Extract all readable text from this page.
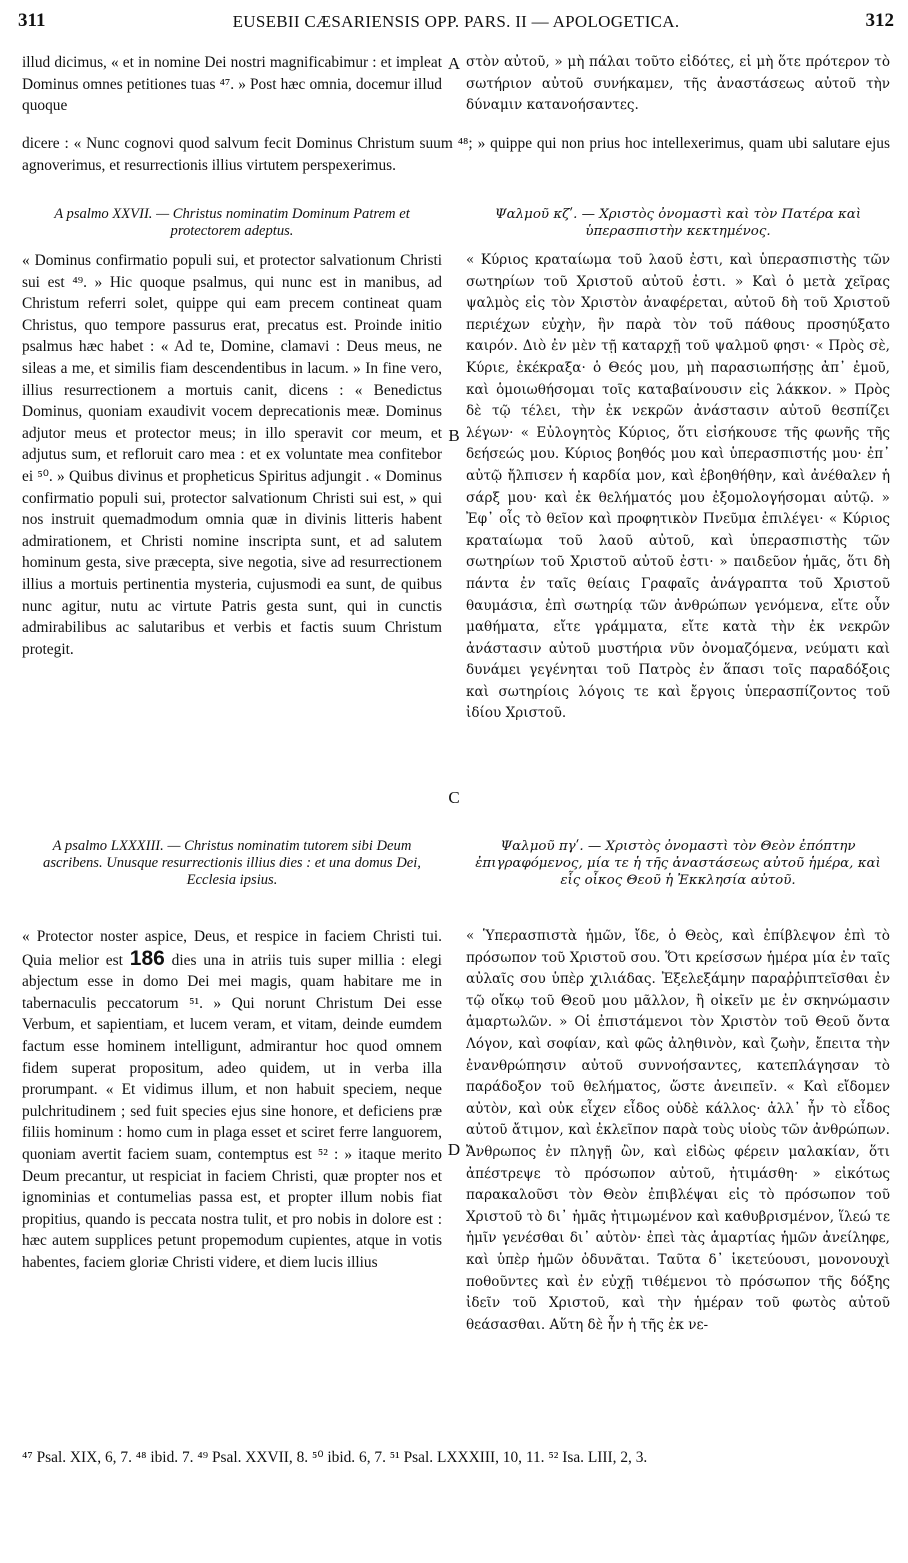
311	EUSEBII CÆSARIENSIS OPP. PARS. II — APOLOGETICA.	312

illud dicimus, « et in nomine Dei nostri magnificabimur : et impleat Dominus omnes petitiones tuas ⁴⁷. » Post hæc omnia, docemur illud quoque

στὸν αὐτοῦ, » μὴ πάλαι τοῦτο εἰδότες, εἰ μὴ ὅτε πρότερον τὸ σωτήριον αὐτοῦ συνήκαμεν, τῆς ἀναστάσεως αὐτοῦ τὴν δύναμιν κατανοήσαντες.

A

dicere : « Nunc cognovi quod salvum fecit Dominus Christum suum ⁴⁸; » quippe qui non prius hoc intellexerimus, quam ubi salutare ejus agnoverimus, et resurrectionis illius virtutem perspexerimus.

A psalmo XXVII. — Christus nominatim Dominum Patrem et protectorem adeptus.
Ψαλμοῦ κζʹ. — Χριστὸς ὀνομαστὶ καὶ τὸν Πατέρα καὶ ὑπερασπιστὴν κεκτημένος.

« Dominus confirmatio populi sui, et protector salvationum Christi sui est ⁴⁹. » Hic quoque psalmus, qui nunc est in manibus, ad Christum referri solet, quippe qui eam precem contineat quam Christus, quo tempore passurus erat, precatus est. Proinde initio psalmus hæc habet : « Ad te, Domine, clamavi : Deus meus, ne sileas a me, et similis fiam descendentibus in lacum. » In fine vero, illius resurrectionem a mortuis canit, dicens : « Benedictus Dominus, quoniam exaudivit vocem deprecationis meæ. Dominus adjutor meus et protector meus; in illo speravit cor meum, et adjutus sum, et refloruit caro mea : et ex voluntate mea confitebor ei ⁵⁰. » Quibus divinus et propheticus Spiritus adjungit . « Dominus confirmatio populi sui, protector salvationum Christi sui est, » qui nos instruit quemadmodum omnia quæ in divinis litteris habent admirationem, et Christi nomine inscripta sunt, et ad salutem hominum gesta, sive præcepta, sive negotia, sive ad resurrectionem illius a mortuis pertinentia mysteria, cujusmodi ea sunt, de quibus nunc agitur, nutu ac virtute Patris gesta sunt, qui in cunctis admirabilibus ac salutaribus et verbis et factis suum Christum protegit.

« Κύριος κραταίωμα τοῦ λαοῦ ἐστι, καὶ ὑπερασπιστὴς τῶν σωτηρίων τοῦ Χριστοῦ αὐτοῦ ἐστι. » Καὶ ὁ μετὰ χεῖρας ψαλμὸς εἰς τὸν Χριστὸν ἀναφέρεται, αὐτοῦ δὴ τοῦ Χριστοῦ περιέχων εὐχὴν, ἣν παρὰ τὸν τοῦ πάθους προσηύξατο καιρόν. Διὸ ἐν μὲν τῇ καταρχῇ τοῦ ψαλμοῦ φησι· « Πρὸς σὲ, Κύριε, ἐκέκραξα· ὁ Θεός μου, μὴ παρασιωπήσῃς ἀπ᾽ ἐμοῦ, καὶ ὁμοιωθήσομαι τοῖς καταβαίνουσιν εἰς λάκκον. » Πρὸς δὲ τῷ τέλει, τὴν ἐκ νεκρῶν ἀνάστασιν αὐτοῦ θεσπίζει λέγων· « Εὐλογητὸς Κύριος, ὅτι εἰσήκουσε τῆς φωνῆς τῆς δεήσεώς μου. Κύριος βοηθός μου καὶ ὑπερασπιστής μου· ἐπ᾽ αὐτῷ ἤλπισεν ἡ καρδία μον, καὶ ἐβοηθήθην, καὶ ἀνέθαλεν ἡ σάρξ μου· καὶ ἐκ θελήματός μου ἐξομολογήσομαι αὐτῷ. » Ἐφ᾽ οἷς τὸ θεῖον καὶ προφητικὸν Πνεῦμα ἐπιλέγει· « Κύριος κραταίωμα τοῦ λαοῦ αὐτοῦ, καὶ ὑπερασπιστὴς τῶν σωτηρίων τοῦ Χριστοῦ αὐτοῦ ἐστι· » παιδεῦον ἡμᾶς, ὅτι δὴ πάντα ἐν ταῖς θείαις Γραφαῖς ἀνάγραπτα τοῦ Χριστοῦ θαυμάσια, ἐπὶ σωτηρίᾳ τῶν ἀνθρώπων γενόμενα, εἴτε οὖν μαθήματα, εἴτε γράμματα, εἴτε κατὰ τὴν ἐκ νεκρῶν ἀνάστασιν αὐτοῦ μυστήρια νῦν ὀνομαζόμενα, νεύματι καὶ δυνάμει γεγένηται τοῦ Πατρὸς ἐν ἅπασι τοῖς παραδόξοις καὶ σωτηρίοις λόγοις τε καὶ ἔργοις ὑπερασπίζοντος τοῦ ἰδίου Χριστοῦ.

B
C
A psalmo LXXXIII. — Christus nominatim tutorem sibi Deum ascribens. Unusque resurrectionis illius dies : et una domus Dei, Ecclesia ipsius.
Ψαλμοῦ πγʹ. — Χριστὸς ὀνομαστὶ τὸν Θεὸν ἐπόπτην ἐπιγραφόμενος, μία τε ἡ τῆς ἀναστάσεως αὐτοῦ ἡμέρα, καὶ εἷς οἶκος Θεοῦ ἡ Ἐκκλησία αὐτοῦ.

« Protector noster aspice, Deus, et respice in faciem Christi tui. Quia melior est 186 dies una in atriis tuis super millia : elegi abjectum esse in domo Dei mei magis, quam habitare me in tabernaculis peccatorum ⁵¹. » Qui norunt Christum Dei esse Verbum, et sapientiam, et lucem veram, et vitam, deinde eumdem factum esse hominem intelligunt, admirantur hoc quod omnem fidem superat propositum, adeo quidem, ut in verba illa prorumpant. « Et vidimus illum, et non habuit speciem, neque pulchritudinem ; sed fuit species ejus sine honore, et deficiens præ filiis hominum : homo cum in plaga esset et sciret ferre languorem, quoniam avertit faciem suam, contemptus est ⁵² : » itaque merito Deum precantur, ut respiciat in faciem Christi, quæ propter nos et ignominias et contumelias passa est, et propter illum nobis fiat propitius, quando is peccata nostra tulit, et pro nobis in dolore est : hæc autem supplices petunt propemodum cupientes, atque in votis habentes, faciem gloriæ Christi videre, et diem lucis illius

« Ὑπερασπιστὰ ἡμῶν, ἴδε, ὁ Θεὸς, καὶ ἐπίβλεψον ἐπὶ τὸ πρόσωπον τοῦ Χριστοῦ σου. Ὅτι κρείσσων ἡμέρα μία ἐν ταῖς αὐλαῖς σου ὑπὲρ χιλιάδας. Ἐξελεξάμην παραῤῥιπτεῖσθαι ἐν τῷ οἴκῳ τοῦ Θεοῦ μου μᾶλλον, ἢ οἰκεῖν με ἐν σκηνώμασιν ἁμαρτωλῶν. » Οἱ ἐπιστάμενοι τὸν Χριστὸν τοῦ Θεοῦ ὄντα Λόγον, καὶ σοφίαν, καὶ φῶς ἀληθινὸν, καὶ ζωὴν, ἔπειτα τὴν ἐνανθρώπησιν αὐτοῦ συννοήσαντες, κατεπλάγησαν τὸ παράδοξον τοῦ θελήματος, ὥστε ἀνειπεῖν. « Καὶ εἴδομεν αὐτὸν, καὶ οὐκ εἶχεν εἶδος οὐδὲ κάλλος· ἀλλ᾽ ἦν τὸ εἶδος αὐτοῦ ἄτιμον, καὶ ἐκλεῖπον παρὰ τοὺς υἱοὺς τῶν ἀνθρώπων. Ἄνθρωπος ἐν πληγῇ ὢν, καὶ εἰδὼς φέρειν μαλακίαν, ὅτι ἀπέστρεψε τὸ πρόσωπον αὐτοῦ, ἠτιμάσθη· » εἰκότως παρακαλοῦσι τὸν Θεὸν ἐπιβλέψαι εἰς τὸ πρόσωπον τοῦ Χριστοῦ τὸ δι᾽ ἡμᾶς ἠτιμωμένον καὶ καθυβρισμένον, ἵλεώ τε ἡμῖν γενέσθαι δι᾽ αὐτὸν· ἐπεὶ τὰς ἁμαρτίας ἡμῶν ἀνείληφε, καὶ ὑπὲρ ἡμῶν ὀδυνᾶται. Ταῦτα δ᾽ ἱκετεύουσι, μονονουχὶ ποθοῦντες καὶ ἐν εὐχῇ τιθέμενοι τὸ πρόσωπον τῆς δόξης ἰδεῖν τοῦ Χριστοῦ, καὶ τὴν ἡμέραν τοῦ φωτὸς αὐτοῦ θεάσασθαι. Αὕτη δὲ ἦν ἡ τῆς ἐκ νε-

D
⁴⁷ Psal. XIX, 6, 7. ⁴⁸ ibid. 7. ⁴⁹ Psal. XXVII, 8. ⁵⁰ ibid. 6, 7. ⁵¹ Psal. LXXXIII, 10, 11. ⁵² Isa. LIII, 2, 3.
